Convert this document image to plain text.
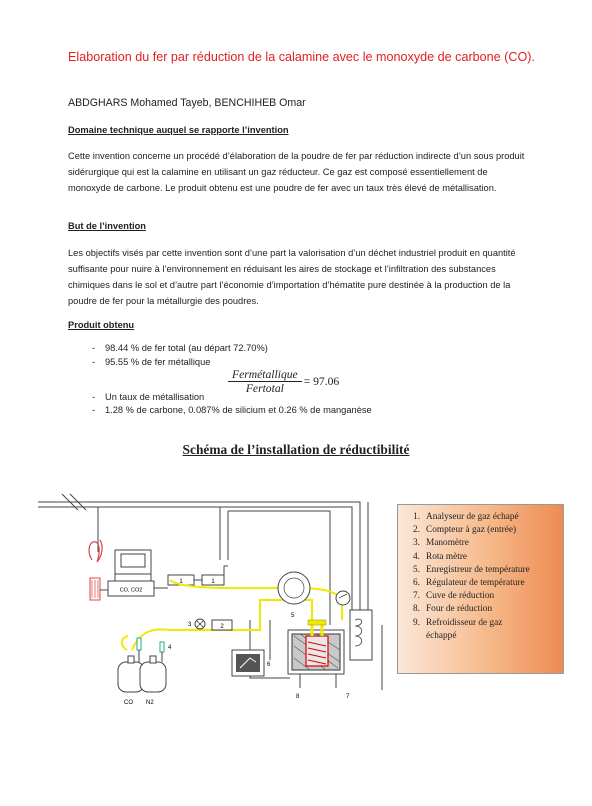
Elaboration du fer par réduction de la calamine avec le monoxyde de carbone (CO).
ABDGHARS Mohamed Tayeb, BENCHIHEB Omar
Domaine technique auquel se rapporte l’invention
Cette invention concerne un procédé d’élaboration de la poudre de fer par réduction indirecte d’un sous produit sidérurgique qui est la calamine en utilisant un gaz réducteur. Ce gaz est composé essentiellement de monoxyde de carbone. Le produit obtenu est une poudre de fer avec un taux très élevé de métallisation.
But de l’invention
Les objectifs visés par cette invention sont d’une part la valorisation d’un déchet industriel produit en quantité suffisante pour nuire à l’environnement en réduisant les aires de stockage et l’infiltration des substances chimiques dans le sol et d’autre part l’économie d’importation d’hématite pure destinée à la production de la poudre de fer pour la métallurgie des poudres.
Produit obtenu
- 98.44 % de fer total (au départ 72.70%)
- 95.55 % de fer métallique
$\frac{\text{Fermétallique}}{\text{Fertotal}} = 97.06$
- Un taux de métallisation
- 1.28 % de carbone, 0.087% de silicium et 0.26 % de manganèse
Schéma de l’installation de réductibilité
CO, CO2
1	1
5
3	2
4
CO N2
8	7
6
1. Analyseur de gaz échapé
2. Compteur à gaz (entrée)
3. Manomètre
4. Rota mètre
5. Enregistreur de température
6. Régulateur de température
7. Cuve de réduction
8. Four de réduction
9. Refroidisseur de gaz
échappé
